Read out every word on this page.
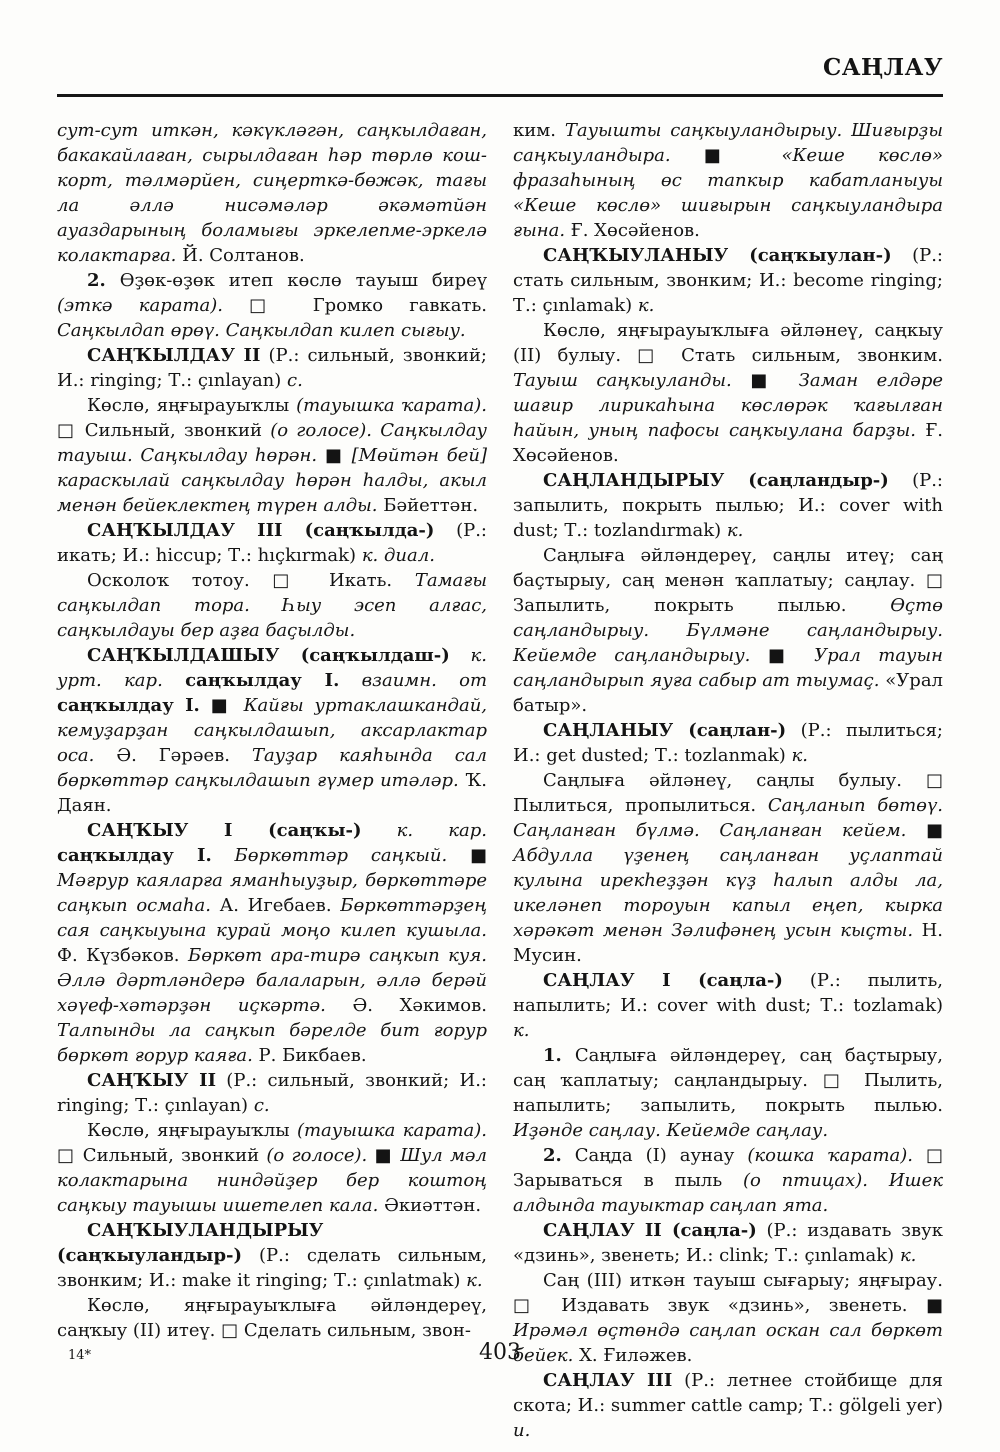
САҢЛАУ

сут-сут иткән, кәкүкләгән, саңкылдаған, бакакайлаған, сырылдаған һәр төрлө кош-корт, тәлмәрйен, сиңерткә-бөжәк, тағы ла әллә нисәмәләр әкәмәтйән ауаздарының боламығы эркелепме-эркелә колактарға. Й. Солтанов.

2. Өҙөк-өҙөк итеп көслө тауыш биреү (эткә карата). □ Громко гавкать. Саңкылдап өрөү. Саңкылдап килеп сығыу.

САҢҠЫЛДАУ II (Р.: сильный, звонкий; И.: ringing; Т.: çınlayan) с.

Көслө, яңғырауыҡлы (тауышка ҡарата). □ Сильный, звонкий (о голосе). Саңкылдау тауыш. Саңкылдау һөрән. ■ [Мөйтән бей] караскылай саңкылдау һөрән һалды, акыл менән бейеклектең түрен алды. Бәйеттән.

САҢҠЫЛДАУ III (саңҡылда-) (Р.: икать; И.: hiccup; Т.: hıçkırmak) к. диал.

Осколоҡ тотоу. □ Икать. Тамағы саңкылдап тора. Һыу эсеп алғас, саңкылдауы бер аҙға баҫылды.

САҢҠЫЛДАШЫУ (саңҡылдаш-) к. урт. кар. саңҡылдау I. взаимн. от саңҡылдау I. ■ Кайғы уртаклашкандай, кемуҙарҙан саңкылдашып, аксарлактар оса. Ә. Гәрәев. Тауҙар каяһында сал бөркөттәр саңкылдашып ғүмер итәләр. Ҡ. Даян.

САҢҠЫУ I (саңҡы-) к. кар. саңҡылдау I. Бөркөттәр саңкый. ■ Мәғрур каяларға яманһыуҙыр, бөркөттәре саңкып осмаһа. А. Игебаев. Бөркөттәрҙең сая саңкыуына курай моңо килеп кушыла. Ф. Күзбәков. Бөркөт ара-тирә саңкып куя. Әллә дәртләндерә балаларын, әллә берәй хәүеф-хәтәрҙән иҫкәртә. Ә. Хәкимов. Талпынды ла саңкып бәрелде бит ғорур бөркөт ғорур каяға. Р. Бикбаев.

САҢҠЫУ II (Р.: сильный, звонкий; И.: ringing; Т.: çınlayan) с.

Көслө, яңғырауыҡлы (тауышка карата). □ Сильный, звонкий (о голосе). ■ Шул мәл колактарына ниндәйҙер бер коштоң саңкыу тауышы ишетелеп кала. Әкиәттән.

САҢҠЫУЛАНДЫРЫУ (саңҡыуландыр-) (Р.: сделать сильным, звонким; И.: make it ringing; Т.: çınlatmak) к.

Көслө, яңғырауыҡлыға әйләндереү, саңҡыу (II) итеү. □ Сделать сильным, звон-

ким. Тауышты саңкыуландырыу. Шиғырҙы саңкыуландыра. ■ «Кеше көслө» фразаһының өс тапкыр кабатланыуы «Кеше көслө» шиғырын саңкыуландыра ғына. Ғ. Хөсәйенов.

САҢҠЫУЛАНЫУ (саңҡыулан-) (Р.: стать сильным, звонким; И.: become ringing; Т.: çınlamak) к.

Көслө, яңғырауыҡлыға әйләнеү, саңкыу (II) булыу. □ Стать сильным, звонким. Тауыш саңкыуланды. ■ Заман елдәре шағир лирикаһына көслөрәк ҡағылған һайын, уның пафосы саңкыулана барҙы. Ғ. Хөсәйенов.

САҢЛАНДЫРЫУ (саңландыр-) (Р.: запылить, покрыть пылью; И.: cover with dust; Т.: tozlandırmak) к.

Саңлыға әйләндереү, саңлы итеү; саң баҫтырыу, саң менән ҡаплатыу; саңлау. □ Запылить, покрыть пылью. Өҫтө саңландырыу. Бүлмәне саңландырыу. Кейемде саңландырыу. ■ Урал тауын саңландырып яуға сабыр ат тыумаҫ. «Урал батыр».

САҢЛАНЫУ (саңлан-) (Р.: пылиться; И.: get dusted; Т.: tozlanmak) к.

Саңлыға әйләнеү, саңлы булыу. □ Пылиться, пропылиться. Саңланып бөтөү. Саңланған бүлмә. Саңланған кейем. ■ Абдулла үҙенең саңланған уҫлаптай кулына ирекһеҙҙән күҙ һалып алды ла, икеләнеп тороуын капыл еңеп, кырка хәрәкәт менән Зәлифәнең усын кыҫты. Н. Мусин.

САҢЛАУ I (саңла-) (Р.: пылить, напылить; И.: cover with dust; Т.: tozlamak) к.

1. Саңлыға әйләндереү, саң баҫтырыу, саң ҡаплатыу; саңландырыу. □ Пылить, напылить; запылить, покрыть пылью. Иҙәнде саңлау. Кейемде саңлау.

2. Саңда (I) аунау (кошка ҡарата). □ Зарываться в пыль (о птицах). Ишек алдында тауыктар саңлап ята.

САҢЛАУ II (саңла-) (Р.: издавать звук «дзинь», звенеть; И.: clink; Т.: çınlamak) к.

Саң (III) иткән тауыш сығарыу; яңғырау. □ Издавать звук «дзинь», звенеть. ■ Ирәмәл өҫтөндә саңлап оскан сал бөркөт бейек. Х. Ғиләжев.

САҢЛАУ III (Р.: летнее стойбище для скота; И.: summer cattle camp; Т.: gölgeli yer) и.

14*	403
